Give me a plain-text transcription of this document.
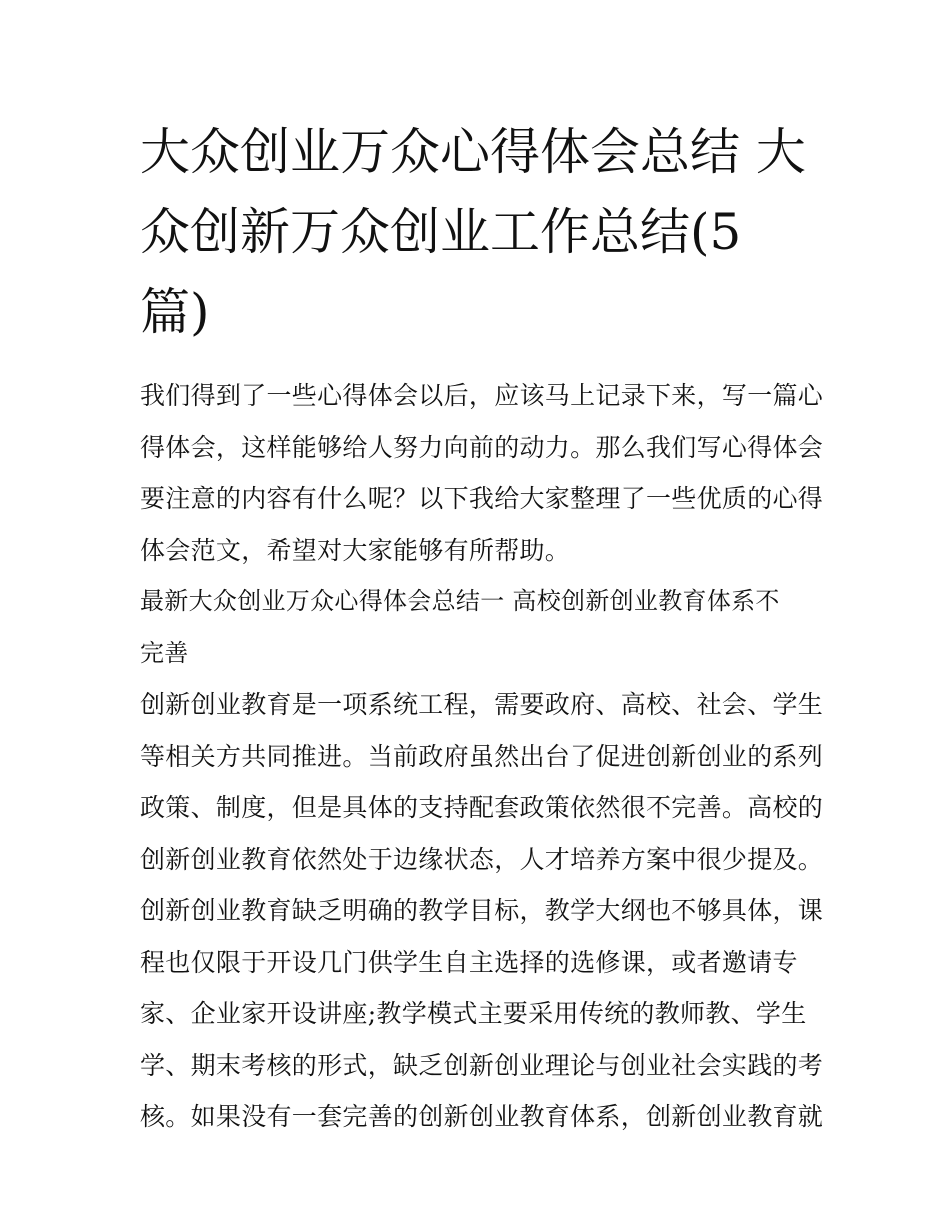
大众创业万众心得体会总结 大
众创新万众创业工作总结(5
篇)
我们得到了一些心得体会以后，应该马上记录下来，写一篇心
得体会，这样能够给人努力向前的动力。那么我们写心得体会
要注意的内容有什么呢？以下我给大家整理了一些优质的心得
体会范文，希望对大家能够有所帮助。
最新大众创业万众心得体会总结一 高校创新创业教育体系不
完善
创新创业教育是一项系统工程，需要政府、高校、社会、学生
等相关方共同推进。当前政府虽然出台了促进创新创业的系列
政策、制度，但是具体的支持配套政策依然很不完善。高校的
创新创业教育依然处于边缘状态，人才培养方案中很少提及。
创新创业教育缺乏明确的教学目标，教学大纲也不够具体，课
程也仅限于开设几门供学生自主选择的选修课，或者邀请专
家、企业家开设讲座;教学模式主要采用传统的教师教、学生
学、期末考核的形式，缺乏创新创业理论与创业社会实践的考
核。如果没有一套完善的创新创业教育体系，创新创业教育就
